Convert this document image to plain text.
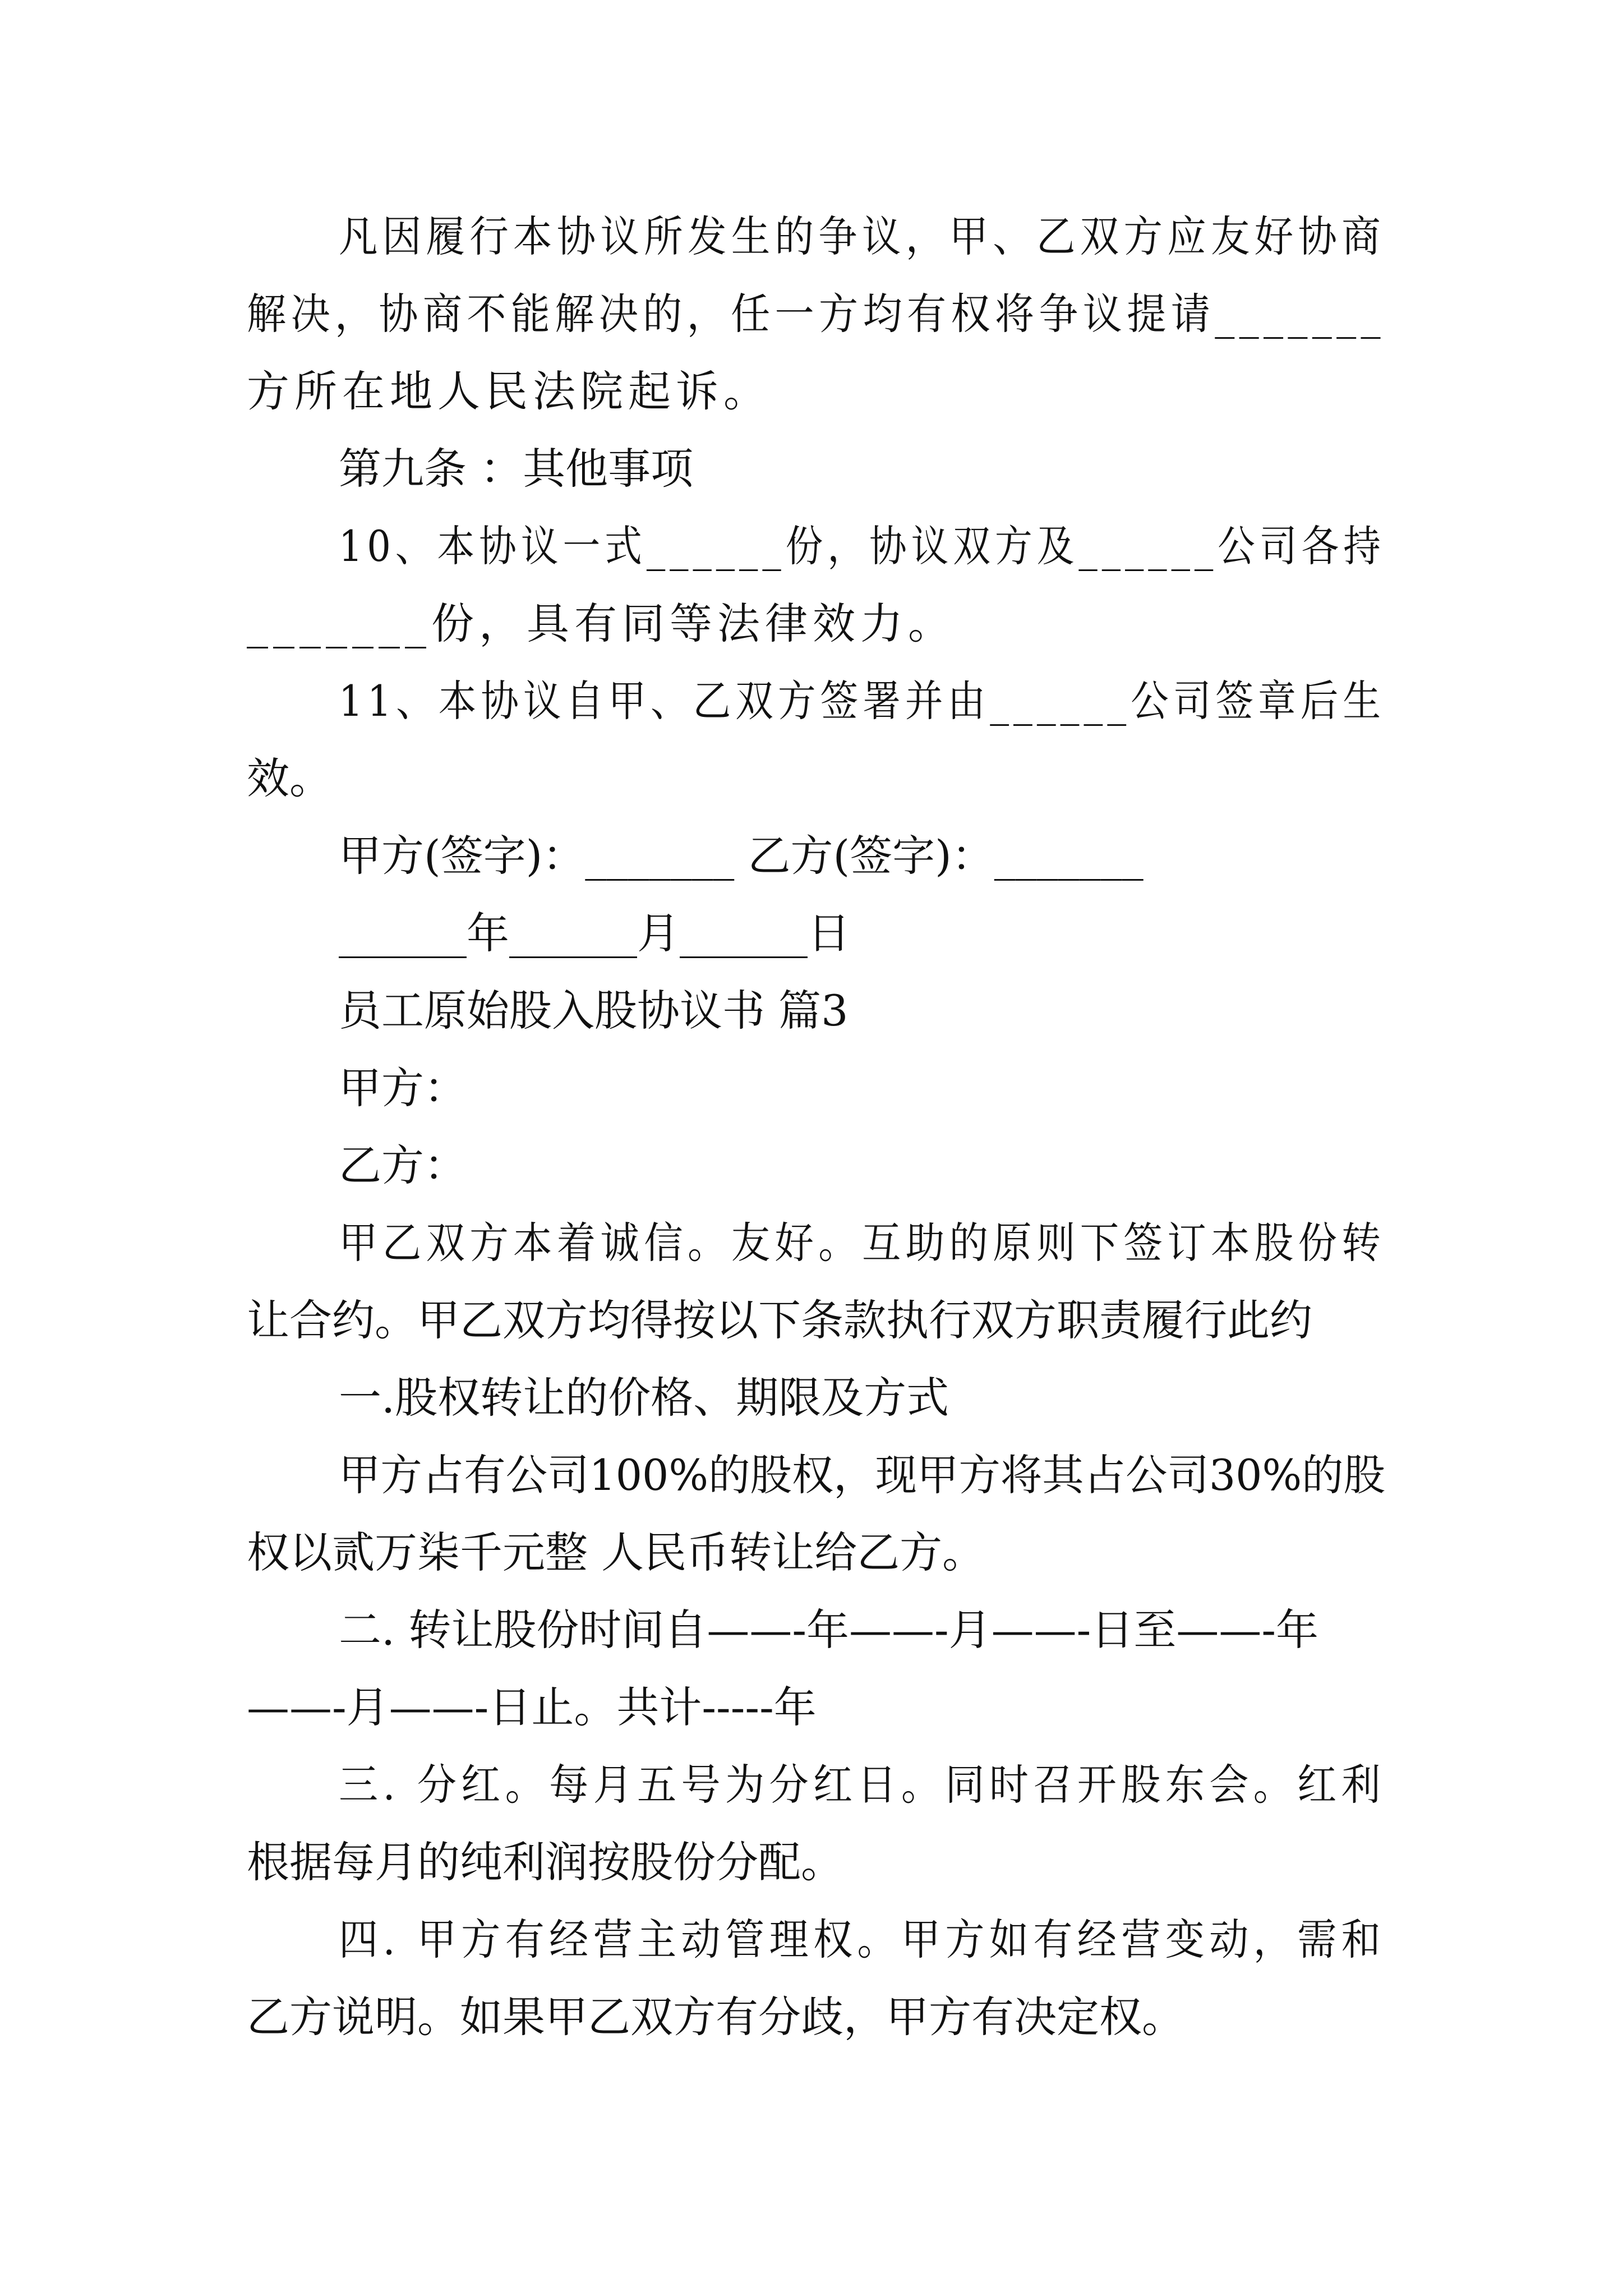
凡因履行本协议所发生的争议，甲、乙双方应友好协商
解决，协商不能解决的，任一方均有权将争议提请_______
方所在地人民法院起诉。
第九条 ：其他事项
10、本协议一式______份，协议双方及______公司各持
_______份，具有同等法律效力。
11、本协议自甲、乙双方签署并由______公司签章后生
效。
甲方(签字)：_______ 乙方(签字)：_______
______年______月______日
员工原始股入股协议书 篇3
甲方：
乙方：
甲乙双方本着诚信。友好。互助的原则下签订本股份转
让合约。甲乙双方均得按以下条款执行双方职责履行此约
一.股权转让的价格、期限及方式
甲方占有公司100%的股权，现甲方将其占公司30%的股
权以贰万柒千元整 人民币转让给乙方。
二. 转让股份时间自——-年——-月——-日至——-年
——-月——-日止。共计-----年
三. 分红。每月五号为分红日。同时召开股东会。红利
根据每月的纯利润按股份分配。
四. 甲方有经营主动管理权。甲方如有经营变动，需和
乙方说明。如果甲乙双方有分歧，甲方有决定权。
